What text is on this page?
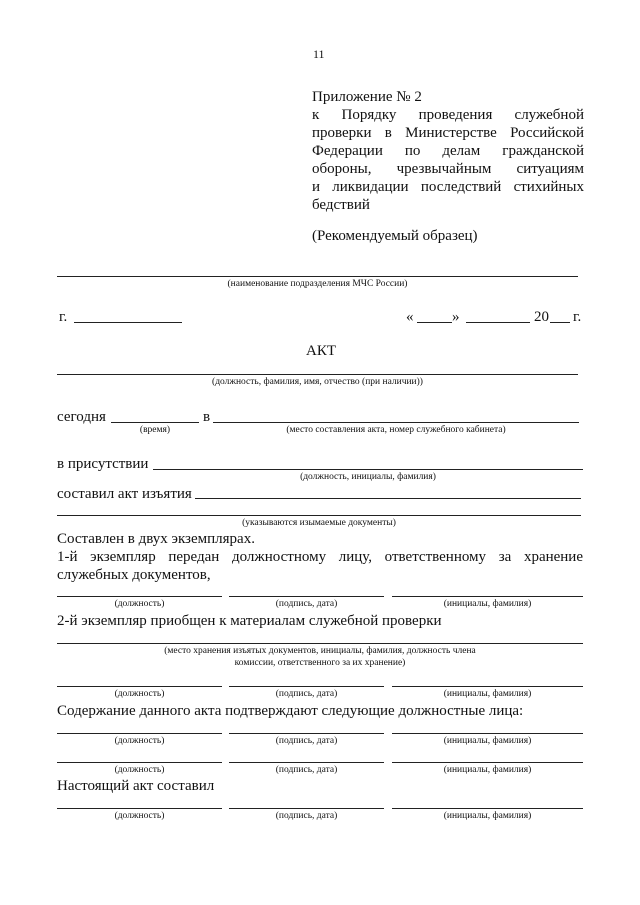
11
Приложение № 2
к Порядку проведения служебной
проверки в Министерстве Российской
Федерации по делам гражданской
обороны, чрезвычайным ситуациям
и ликвидации последствий стихийных
бедствий
(Рекомендуемый образец)
(наименование подразделения МЧС России)
г.	«	»	20 г.
АКТ
(должность, фамилия, имя, отчество (при наличии))
сегодня	в
(время)	(место составления акта, номер служебного кабинета)
в присутствии
(должность, инициалы, фамилия)
составил акт изъятия
(указываются изымаемые документы)
Составлен в двух экземплярах.
1-й экземпляр передан должностному лицу, ответственному за хранение
служебных документов,
(должность)	(подпись, дата)	(инициалы, фамилия)
2-й экземпляр приобщен к материалам служебной проверки
(место хранения изъятых документов, инициалы, фамилия, должность члена
комиссии, ответственного за их хранение)
(должность)	(подпись, дата)	(инициалы, фамилия)
Содержание данного акта подтверждают следующие должностные лица:
(должность)	(подпись, дата)	(инициалы, фамилия)
(должность)	(подпись, дата)	(инициалы, фамилия)
Настоящий акт составил
(должность)	(подпись, дата)	(инициалы, фамилия)
